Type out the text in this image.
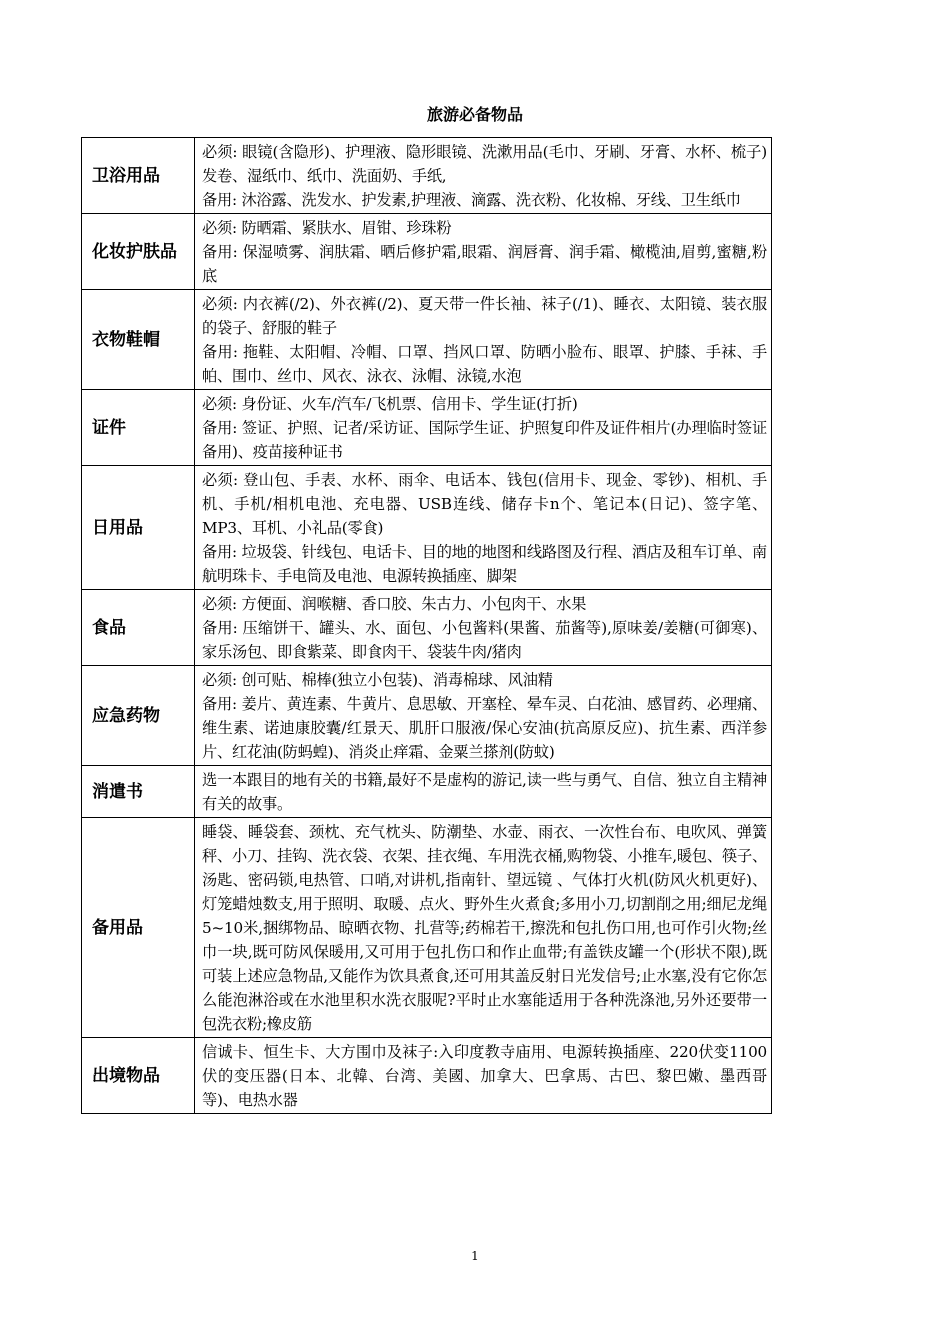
旅游必备物品
卫浴用品	必须: 眼镜(含隐形)、护理液、隐形眼镜、洗漱用品(毛巾、牙刷、牙膏、水杯、梳子)发卷、湿纸巾、纸巾、洗面奶、手纸,
备用: 沐浴露、洗发水、护发素,护理液、滴露、洗衣粉、化妆棉、牙线、卫生纸巾

化妆护肤品	必须: 防晒霜、紧肤水、眉钳、珍珠粉
备用: 保湿喷雾、润肤霜、晒后修护霜,眼霜、润唇膏、润手霜、橄榄油,眉剪,蜜糖,粉底

衣物鞋帽	必须: 内衣裤(/2)、外衣裤(/2)、夏天带一件长袖、袜子(/1)、睡衣、太阳镜、装衣服的袋子、舒服的鞋子
备用: 拖鞋、太阳帽、冷帽、口罩、挡风口罩、防晒小脸布、眼罩、护膝、手袜、手帕、围巾、丝巾、风衣、泳衣、泳帽、泳镜,水泡

证件	必须: 身份证、火车/汽车/飞机票、信用卡、学生证(打折)
备用: 签证、护照、记者/采访证、国际学生证、护照复印件及证件相片(办理临时签证备用)、疫苗接种证书

日用品	必须: 登山包、手表、水杯、雨伞、电话本、钱包(信用卡、现金、零钞)、相机、手机、手机/相机电池、充电器、USB连线、储存卡n个、笔记本(日记)、签字笔、MP3、耳机、小礼品(零食)
备用: 垃圾袋、针线包、电话卡、目的地的地图和线路图及行程、酒店及租车订单、南航明珠卡、手电筒及电池、电源转换插座、脚架

食品	必须: 方便面、润喉糖、香口胶、朱古力、小包肉干、水果
备用: 压缩饼干、罐头、水、面包、小包酱料(果酱、茄酱等),原味姜/姜糖(可御寒)、家乐汤包、即食紫菜、即食肉干、袋装牛肉/猪肉

应急药物	必须: 创可贴、棉棒(独立小包装)、消毒棉球、风油精
备用: 姜片、黄连素、牛黄片、息思敏、开塞栓、晕车灵、白花油、感冒药、必理痛、维生素、诺迪康胶囊/红景天、肌肝口服液/保心安油(抗高原反应)、抗生素、西洋参片、红花油(防蚂蝗)、消炎止痒霜、金粟兰搽剂(防蚊)

消遣书	选一本跟目的地有关的书籍,最好不是虚构的游记,读一些与勇气、自信、独立自主精神有关的故事。

备用品	睡袋、睡袋套、颈枕、充气枕头、防潮垫、水壶、雨衣、一次性台布、电吹风、弹簧秤、小刀、挂钩、洗衣袋、衣架、挂衣绳、车用洗衣桶,购物袋、小推车,暖包、筷子、汤匙、密码锁,电热管、口哨,对讲机,指南针、望远镜 、气体打火机(防风火机更好)、灯笼蜡烛数支,用于照明、取暖、点火、野外生火煮食;多用小刀,切割削之用;细尼龙绳5~10米,捆绑物品、晾晒衣物、扎营等;药棉若干,擦洗和包扎伤口用,也可作引火物;丝巾一块,既可防风保暖用,又可用于包扎伤口和作止血带;有盖铁皮罐一个(形状不限),既可装上述应急物品,又能作为饮具煮食,还可用其盖反射日光发信号;止水塞,没有它你怎么能泡淋浴或在水池里积水洗衣服呢?平时止水塞能适用于各种洗涤池,另外还要带一包洗衣粉;橡皮筋

出境物品	信诚卡、恒生卡、大方围巾及袜子:入印度教寺庙用、电源转换插座、220伏变1100伏的变压器(日本、北韓、台湾、美國、加拿大、巴拿馬、古巴、黎巴嫩、墨西哥等)、电热水器
1
